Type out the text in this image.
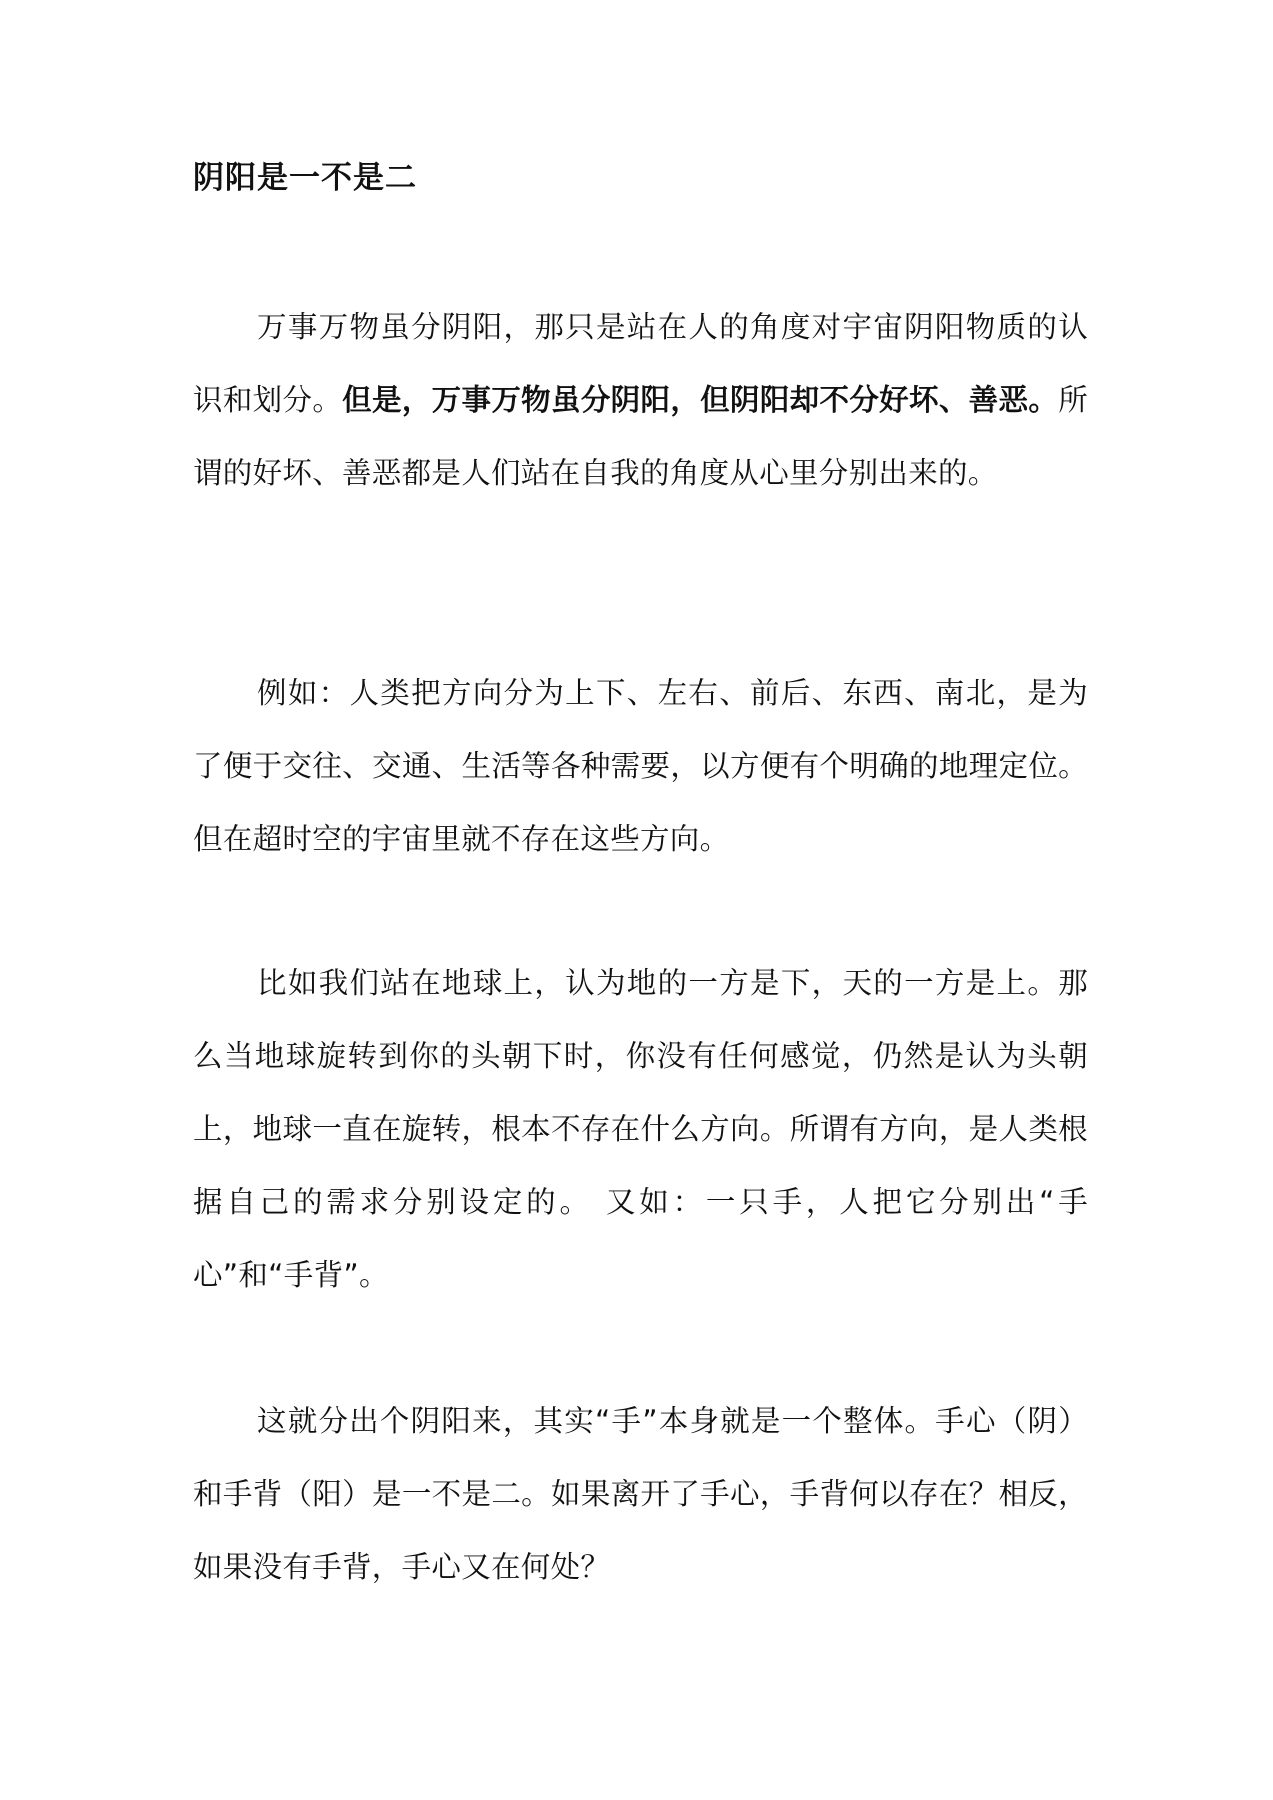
阴阳是一不是二

万事万物虽分阴阳，那只是站在人的角度对宇宙阴阳物质的认识和划分。但是，万事万物虽分阴阳，但阴阳却不分好坏、善恶。所谓的好坏、善恶都是人们站在自我的角度从心里分别出来的。

例如：人类把方向分为上下、左右、前后、东西、南北，是为了便于交往、交通、生活等各种需要，以方便有个明确的地理定位。但在超时空的宇宙里就不存在这些方向。

比如我们站在地球上，认为地的一方是下，天的一方是上。那么当地球旋转到你的头朝下时，你没有任何感觉，仍然是认为头朝上，地球一直在旋转，根本不存在什么方向。所谓有方向，是人类根据自己的需求分别设定的。 又如：一只手，人把它分别出“手心”和“手背”。

这就分出个阴阳来，其实“手”本身就是一个整体。手心（阴）和手背（阳）是一不是二。如果离开了手心，手背何以存在？相反，如果没有手背，手心又在何处？
